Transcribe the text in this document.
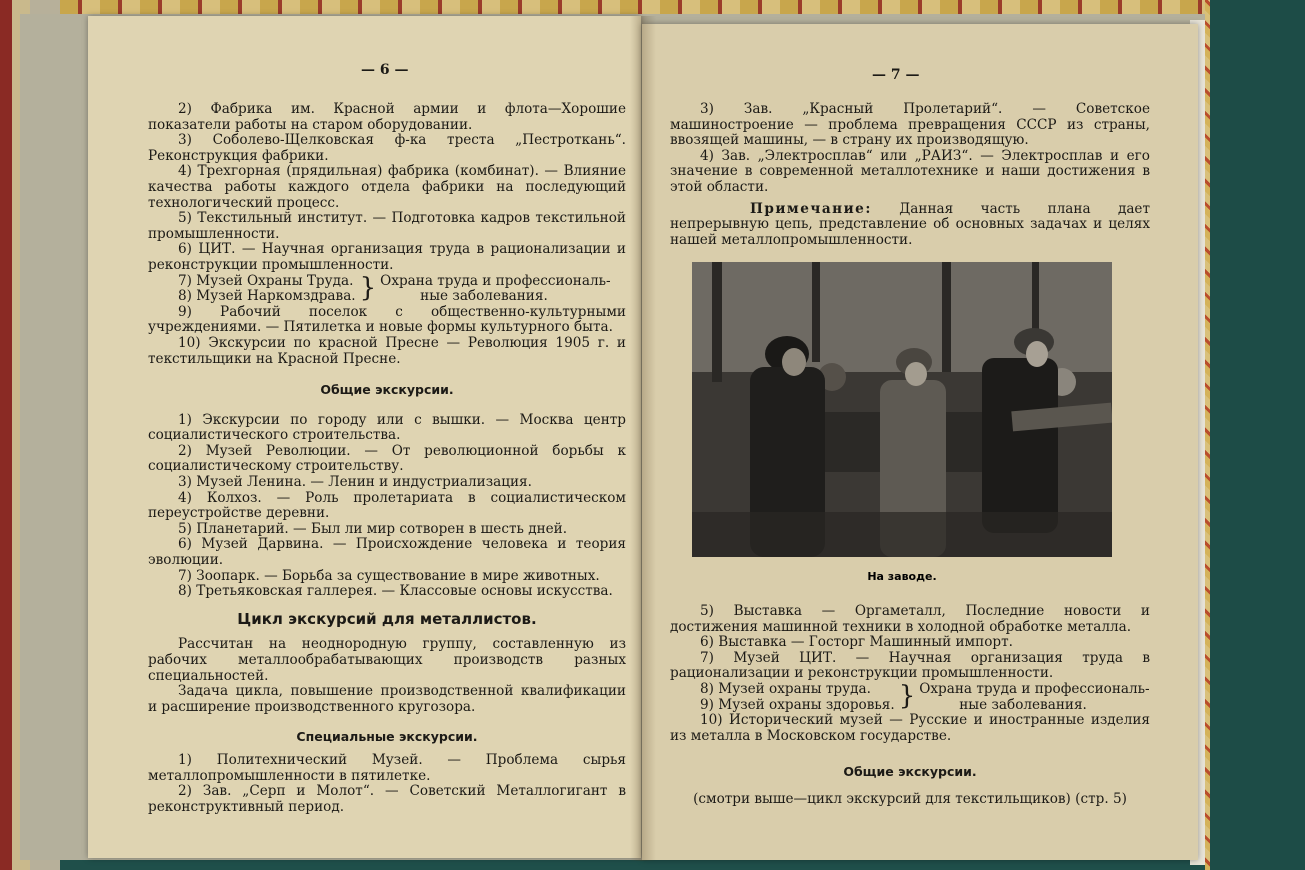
— 6 —

2) Фабрика им. Красной армии и флота—Хорошие показатели работы на старом оборудовании.

3) Соболево-Щелковская ф-ка треста „Пестроткань“. Реконструкция фабрики.

4) Трехгорная (прядильная) фабрика (комбинат). — Влияние качества работы каждого отдела фабрики на последующий технологический процесс.

5) Текстильный институт. — Подготовка кадров текстильной промышленности.

6) ЦИТ. — Научная организация труда в рационализации и реконструкции промышленности.

7) Музей Охраны Труда.
8) Музей Наркомздрава. } Охрана труда и профессиональ-
ные заболевания.

9) Рабочий поселок с общественно-культурными учреждениями. — Пятилетка и новые формы культурного быта.

10) Экскурсии по красной Пресне — Революция 1905 г. и текстильщики на Красной Пресне.

Общие экскурсии.

1) Экскурсии по городу или с вышки. — Москва центр социалистического строительства.

2) Музей Революции. — От революционной борьбы к социалистическому строительству.

3) Музей Ленина. — Ленин и индустриализация.

4) Колхоз. — Роль пролетариата в социалистическом переустройстве деревни.

5) Планетарий. — Был ли мир сотворен в шесть дней.

6) Музей Дарвина. — Происхождение человека и теория эволюции.

7) Зоопарк. — Борьба за существование в мире животных.

8) Третьяковская галлерея. — Классовые основы искусства.

Цикл экскурсий для металлистов.

Рассчитан на неоднородную группу, составленную из рабочих металлообрабатывающих производств разных специальностей.

Задача цикла, повышение производственной квалификации и расширение производственного кругозора.

Специальные экскурсии.

1) Политехнический Музей. — Проблема сырья металлопромышленности в пятилетке.

2) Зав. „Серп и Молот“. — Советский Металлогигант в реконструктивный период.

— 7 —

3) Зав. „Красный Пролетарий“. — Советское машиностроение — проблема превращения СССР из страны, ввозящей машины, — в страну их производящую.

4) Зав. „Электросплав“ или „РАИЗ“. — Электросплав и его значение в современной металлотехнике и наши достижения в этой области.

Примечание: Данная часть плана дает непрерывную цепь, представление об основных задачах и целях нашей металлопромышленности.

5) Выставка — Оргаметалл, Последние новости и достижения машинной техники в холодной обработке металла.

6) Выставка — Госторг Машинный импорт.

7) Музей ЦИТ. — Научная организация труда в рационализации и реконструкции промышленности.

8) Музей охраны труда.
9) Музей охраны здоровья. } Охрана труда и профессиональ-
ные заболевания.

10) Исторический музей — Русские и иностранные изделия из металла в Московском государстве.

Общие экскурсии.

(смотри выше—цикл экскурсий для текстильщиков) (стр. 5)

На заводе.
